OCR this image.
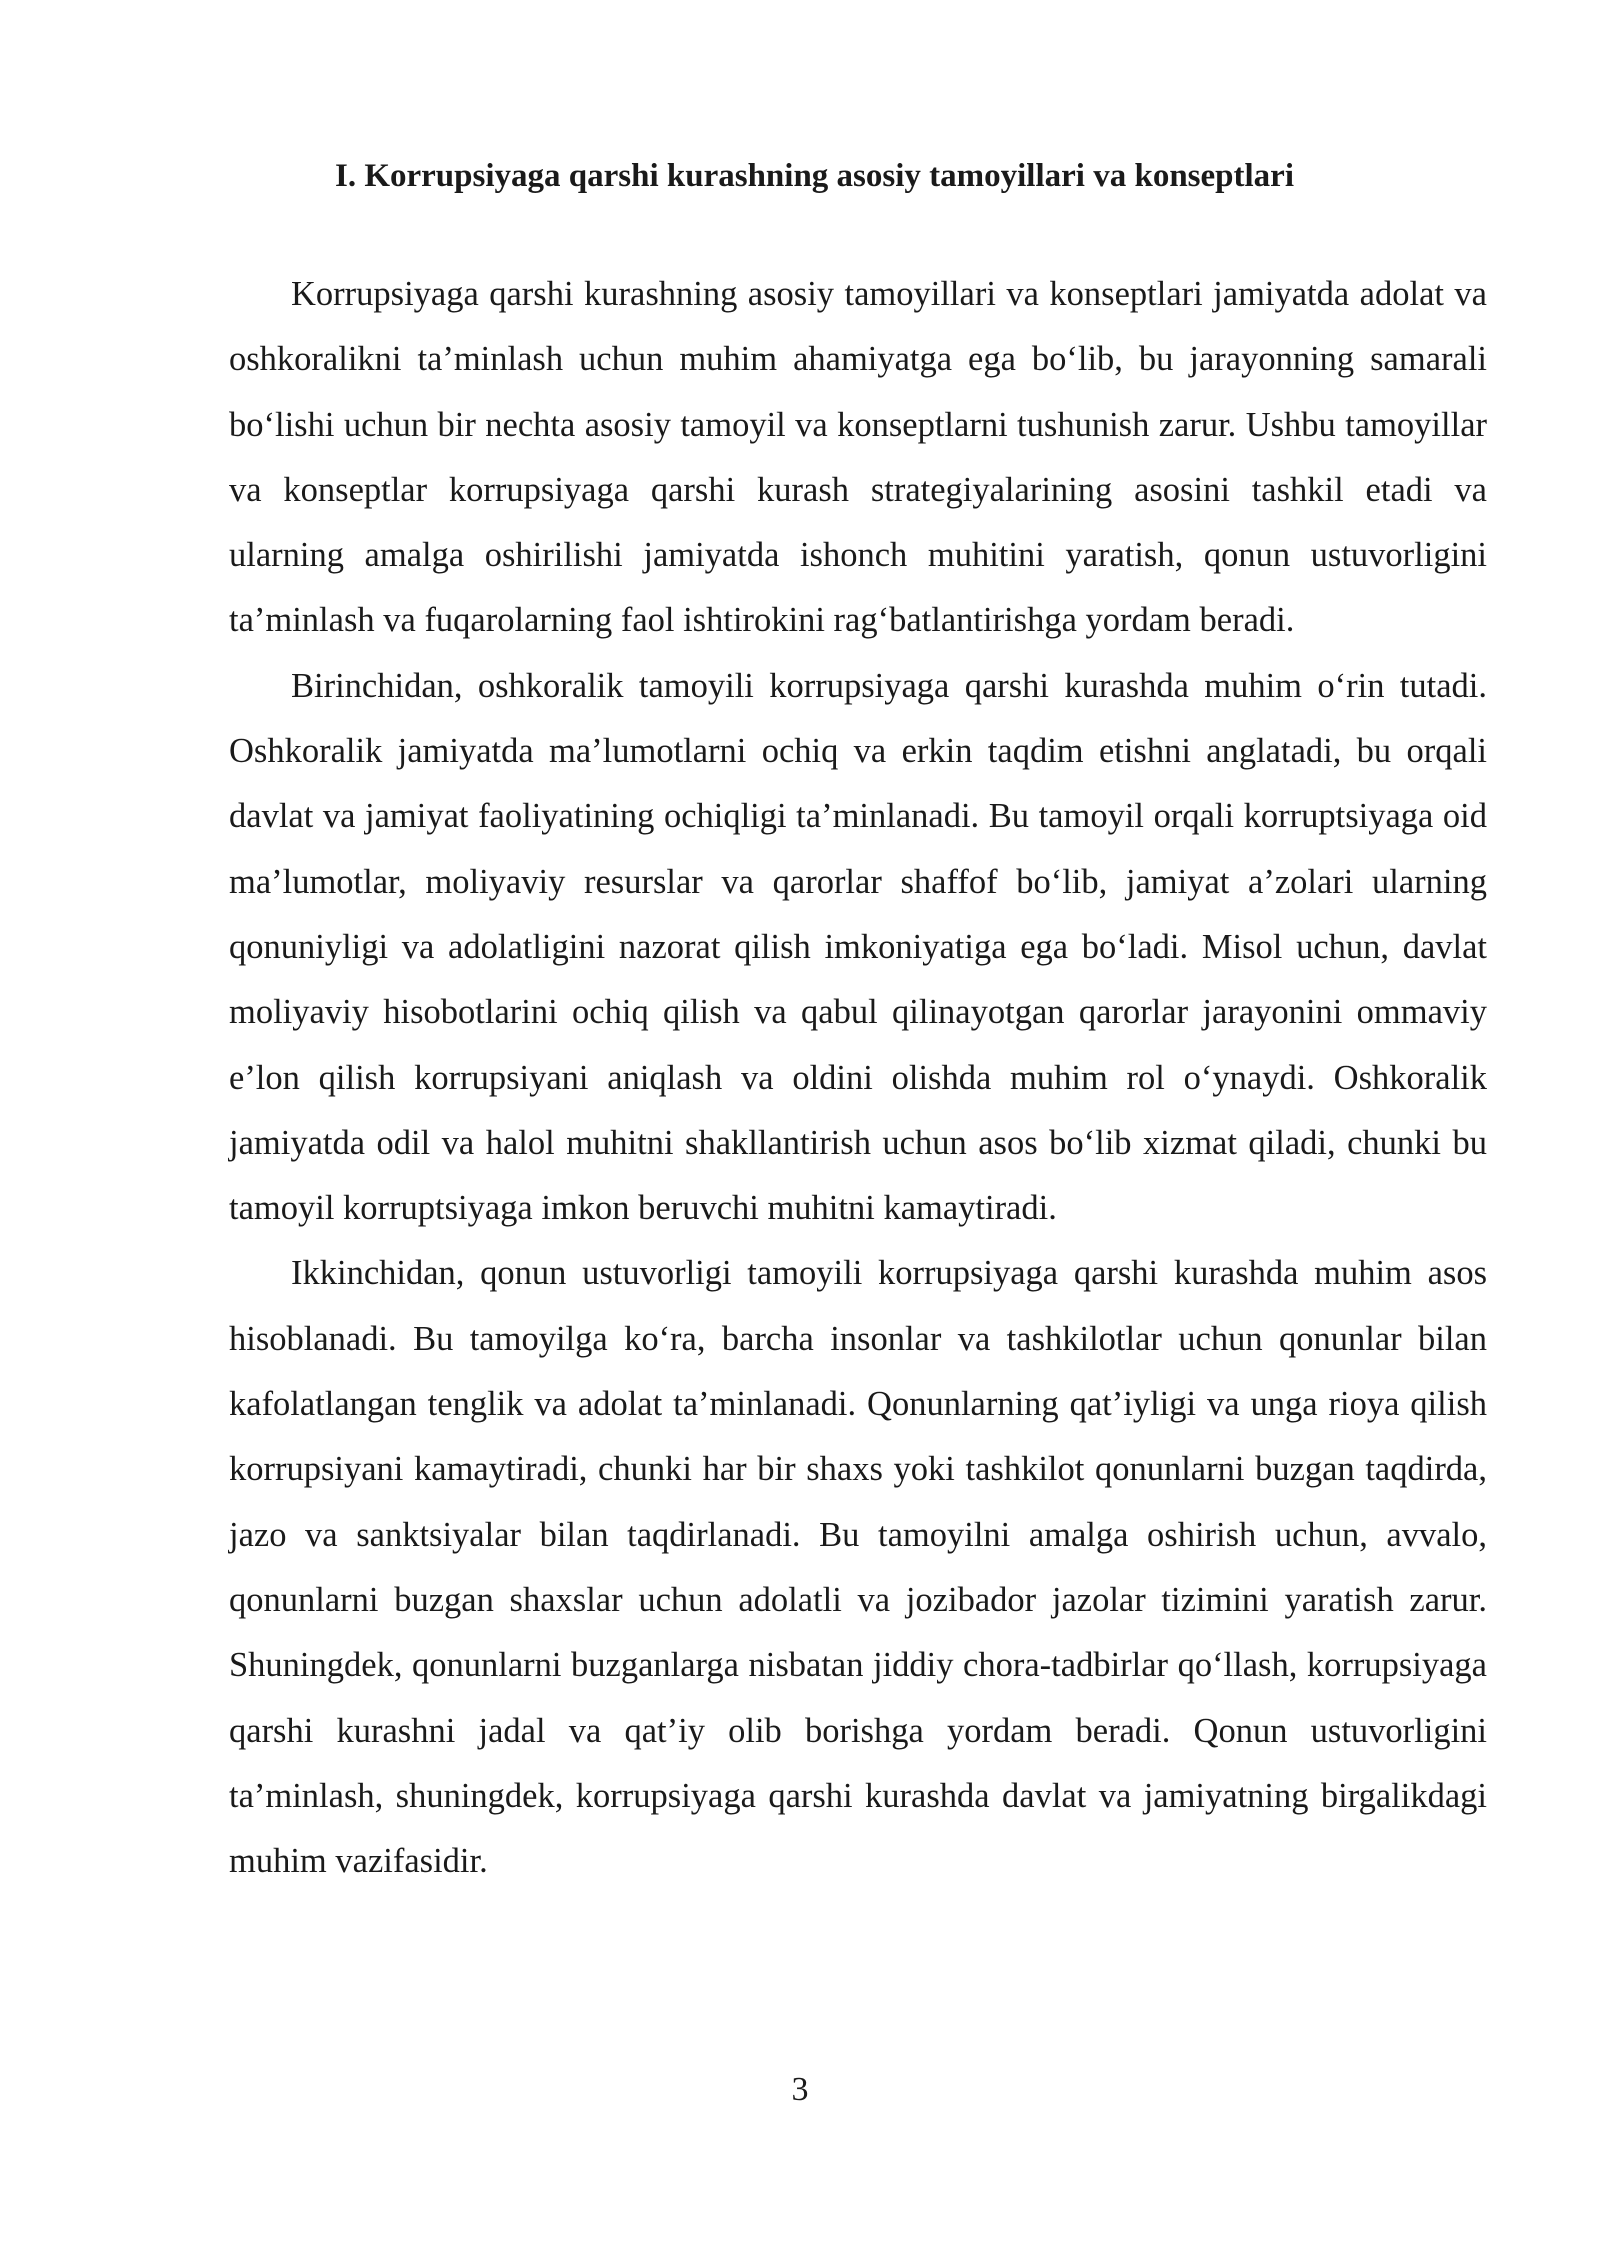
I. Korrupsiyaga qarshi kurashning asosiy tamoyillari va konseptlari

Korrupsiyaga qarshi kurashning asosiy tamoyillari va konseptlari jamiyatda adolat va oshkoralikni ta’minlash uchun muhim ahamiyatga ega bo‘lib, bu jarayonning samarali bo‘lishi uchun bir nechta asosiy tamoyil va konseptlarni tushunish zarur. Ushbu tamoyillar va konseptlar korrupsiyaga qarshi kurash strategiyalarining asosini tashkil etadi va ularning amalga oshirilishi jamiyatda ishonch muhitini yaratish, qonun ustuvorligini ta’minlash va fuqarolarning faol ishtirokini rag‘batlantirishga yordam beradi.

Birinchidan, oshkoralik tamoyili korrupsiyaga qarshi kurashda muhim o‘rin tutadi. Oshkoralik jamiyatda ma’lumotlarni ochiq va erkin taqdim etishni anglatadi, bu orqali davlat va jamiyat faoliyatining ochiqligi ta’minlanadi. Bu tamoyil orqali korruptsiyaga oid ma’lumotlar, moliyaviy resurslar va qarorlar shaffof bo‘lib, jamiyat a’zolari ularning qonuniyligi va adolatligini nazorat qilish imkoniyatiga ega bo‘ladi. Misol uchun, davlat moliyaviy hisobotlarini ochiq qilish va qabul qilinayotgan qarorlar jarayonini ommaviy e’lon qilish korrupsiyani aniqlash va oldini olishda muhim rol o‘ynaydi. Oshkoralik jamiyatda odil va halol muhitni shakllantirish uchun asos bo‘lib xizmat qiladi, chunki bu tamoyil korruptsiyaga imkon beruvchi muhitni kamaytiradi.

Ikkinchidan, qonun ustuvorligi tamoyili korrupsiyaga qarshi kurashda muhim asos hisoblanadi. Bu tamoyilga ko‘ra, barcha insonlar va tashkilotlar uchun qonunlar bilan kafolatlangan tenglik va adolat ta’minlanadi. Qonunlarning qat’iyligi va unga rioya qilish korrupsiyani kamaytiradi, chunki har bir shaxs yoki tashkilot qonunlarni buzgan taqdirda, jazo va sanktsiyalar bilan taqdirlanadi. Bu tamoyilni amalga oshirish uchun, avvalo, qonunlarni buzgan shaxslar uchun adolatli va jozibador jazolar tizimini yaratish zarur. Shuningdek, qonunlarni buzganlarga nisbatan jiddiy chora-tadbirlar qo‘llash, korrupsiyaga qarshi kurashni jadal va qat’iy olib borishga yordam beradi. Qonun ustuvorligini ta’minlash, shuningdek, korrupsiyaga qarshi kurashda davlat va jamiyatning birgalikdagi muhim vazifasidir.

3
